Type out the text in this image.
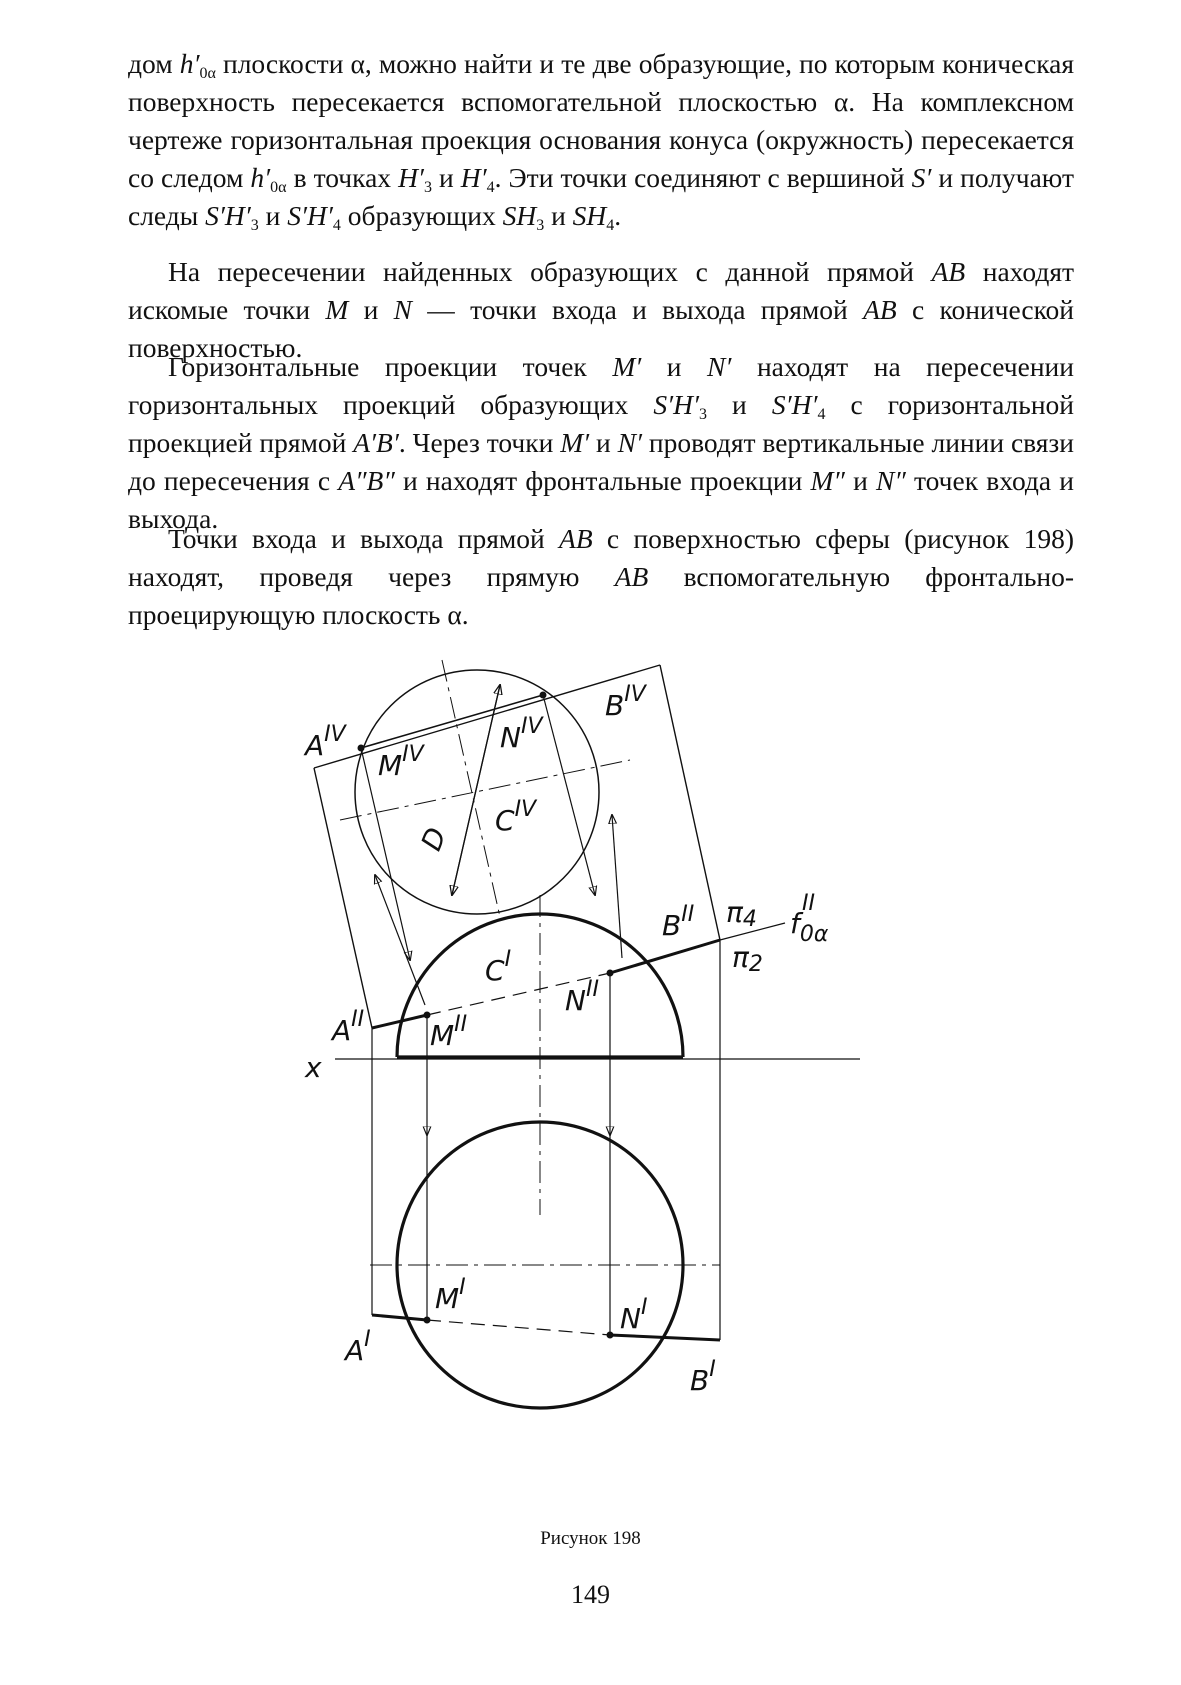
дом $h'_{0\alpha}$ плоскости α, можно найти и те две образующие, по которым коническая поверхность пересекается вспомогательной плоскостью α. На комплексном чертеже горизонтальная проекция основания конуса (окружность) пересекается со следом $h'_{0\alpha}$ в точках $H'_3$ и $H'_4$. Эти точки соединяют с вершиной S′ и получают следы $S'H'_3$ и $S'H'_4$ образующих $SH_3$ и $SH_4$.

На пересечении найденных образующих с данной прямой AB находят искомые точки M и N — точки входа и выхода прямой AB с конической поверхностью.

Горизонтальные проекции точек M′ и N′ находят на пересечении горизонтальных проекций образующих $S'H'_3$ и $S'H'_4$ с горизонтальной проекцией прямой A′B′. Через точки M′ и N′ проводят вертикальные линии связи до пересечения с A″B″ и находят фронтальные проекции M″ и N″ точек входа и выхода.

Точки входа и выхода прямой AB с поверхностью сферы (рисунок 198) находят, проведя через прямую AB вспомогательную фронтально-проецирующую плоскость α.

$A^{IV}$
$M^{IV}$
$N^{IV}$
$B^{IV}$
$C^{IV}$
D
$B^{II}$ π4 $f_{0\alpha}$
II
π2
$C^I$
$N^{II}$
$A^{II}$ $M^{II}$
x
$M^I$
$N^I$
$A^I$
$B^I$
Рисунок 198
149
